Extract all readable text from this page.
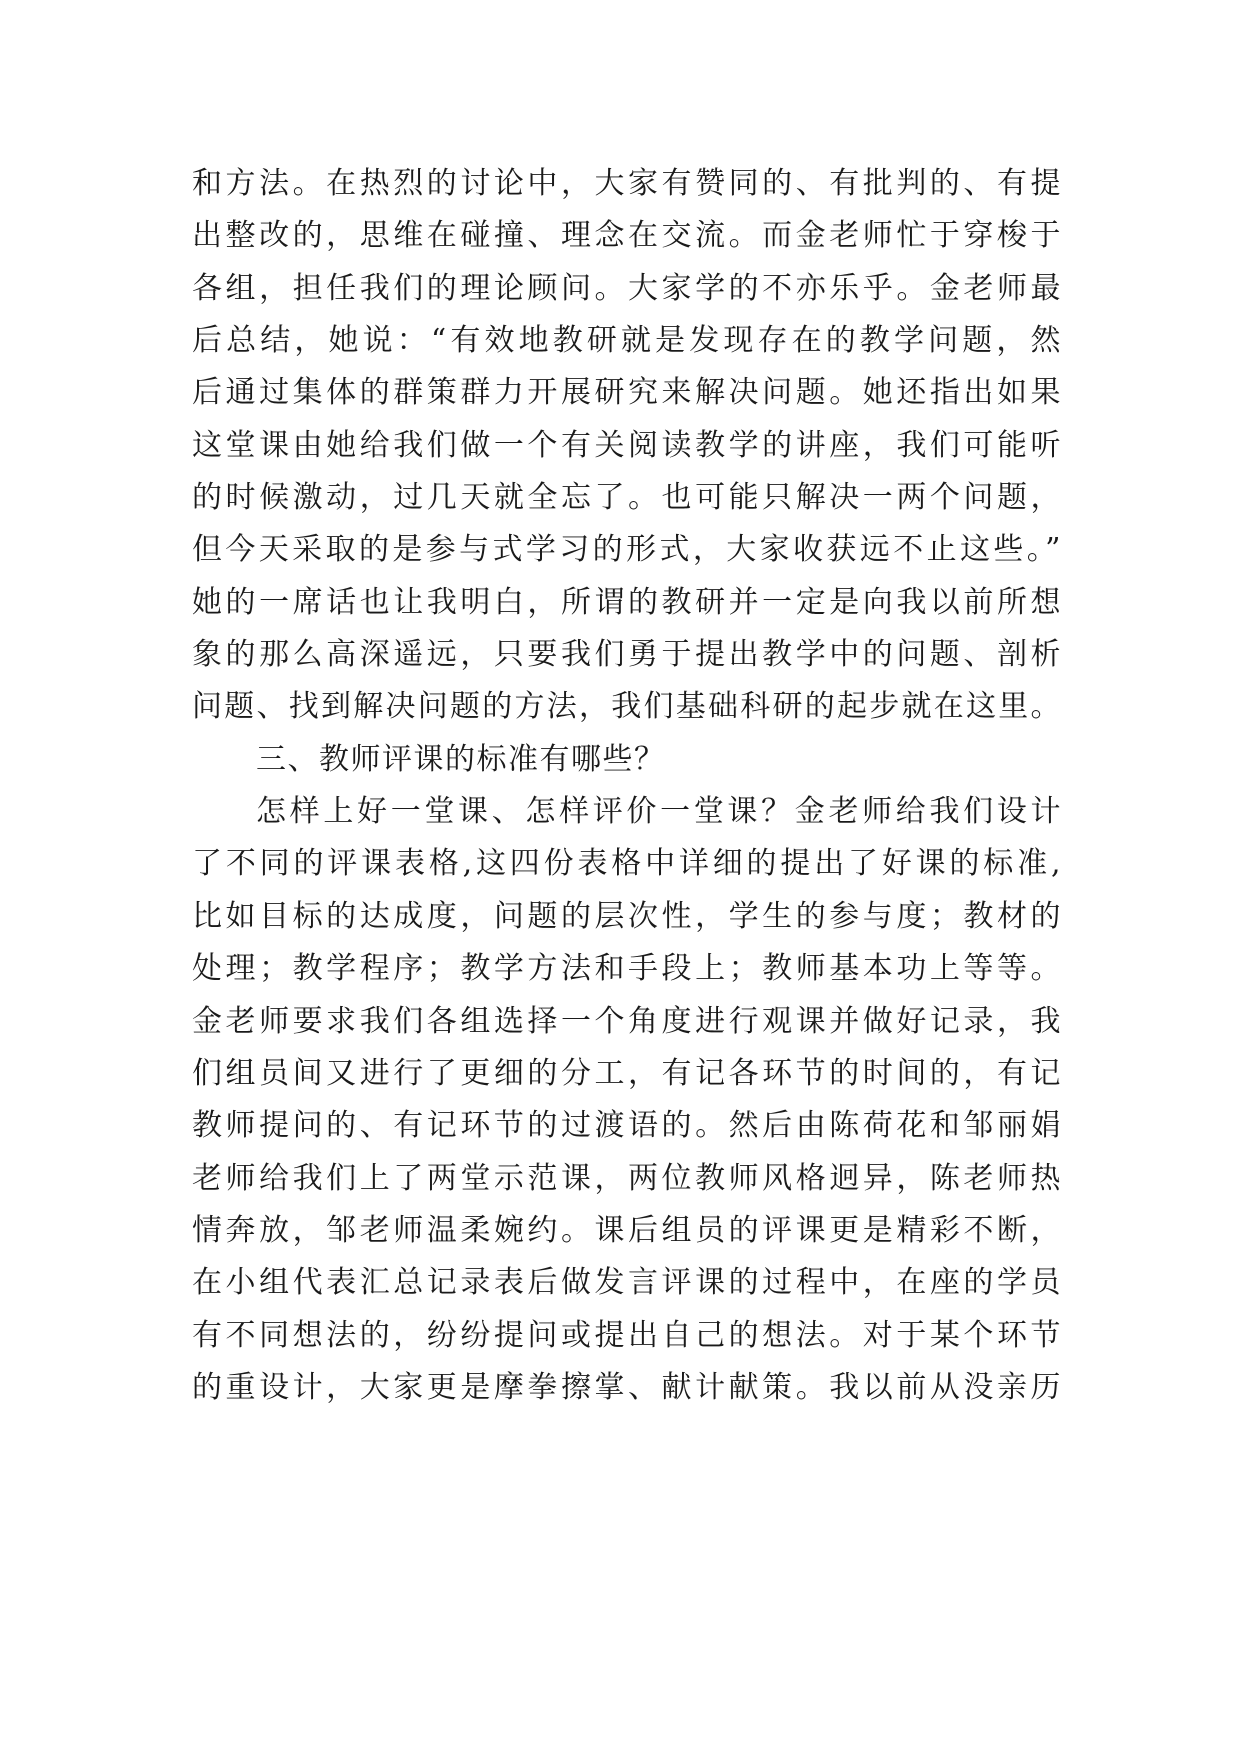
和方法。在热烈的讨论中，大家有赞同的、有批判的、有提
出整改的，思维在碰撞、理念在交流。而金老师忙于穿梭于
各组，担任我们的理论顾问。大家学的不亦乐乎。金老师最
后总结，她说：“有效地教研就是发现存在的教学问题，然
后通过集体的群策群力开展研究来解决问题。她还指出如果
这堂课由她给我们做一个有关阅读教学的讲座，我们可能听
的时候激动，过几天就全忘了。也可能只解决一两个问题，
但今天采取的是参与式学习的形式，大家收获远不止这些。”
她的一席话也让我明白，所谓的教研并一定是向我以前所想
象的那么高深遥远，只要我们勇于提出教学中的问题、剖析
问题、找到解决问题的方法，我们基础科研的起步就在这里。
三、教师评课的标准有哪些？
怎样上好一堂课、怎样评价一堂课？金老师给我们设计
了不同的评课表格,这四份表格中详细的提出了好课的标准,
比如目标的达成度，问题的层次性，学生的参与度；教材的
处理；教学程序；教学方法和手段上；教师基本功上等等。
金老师要求我们各组选择一个角度进行观课并做好记录，我
们组员间又进行了更细的分工，有记各环节的时间的，有记
教师提问的、有记环节的过渡语的。然后由陈荷花和邹丽娟
老师给我们上了两堂示范课，两位教师风格迥异，陈老师热
情奔放，邹老师温柔婉约。课后组员的评课更是精彩不断，
在小组代表汇总记录表后做发言评课的过程中，在座的学员
有不同想法的，纷纷提问或提出自己的想法。对于某个环节
的重设计，大家更是摩拳擦掌、献计献策。我以前从没亲历
